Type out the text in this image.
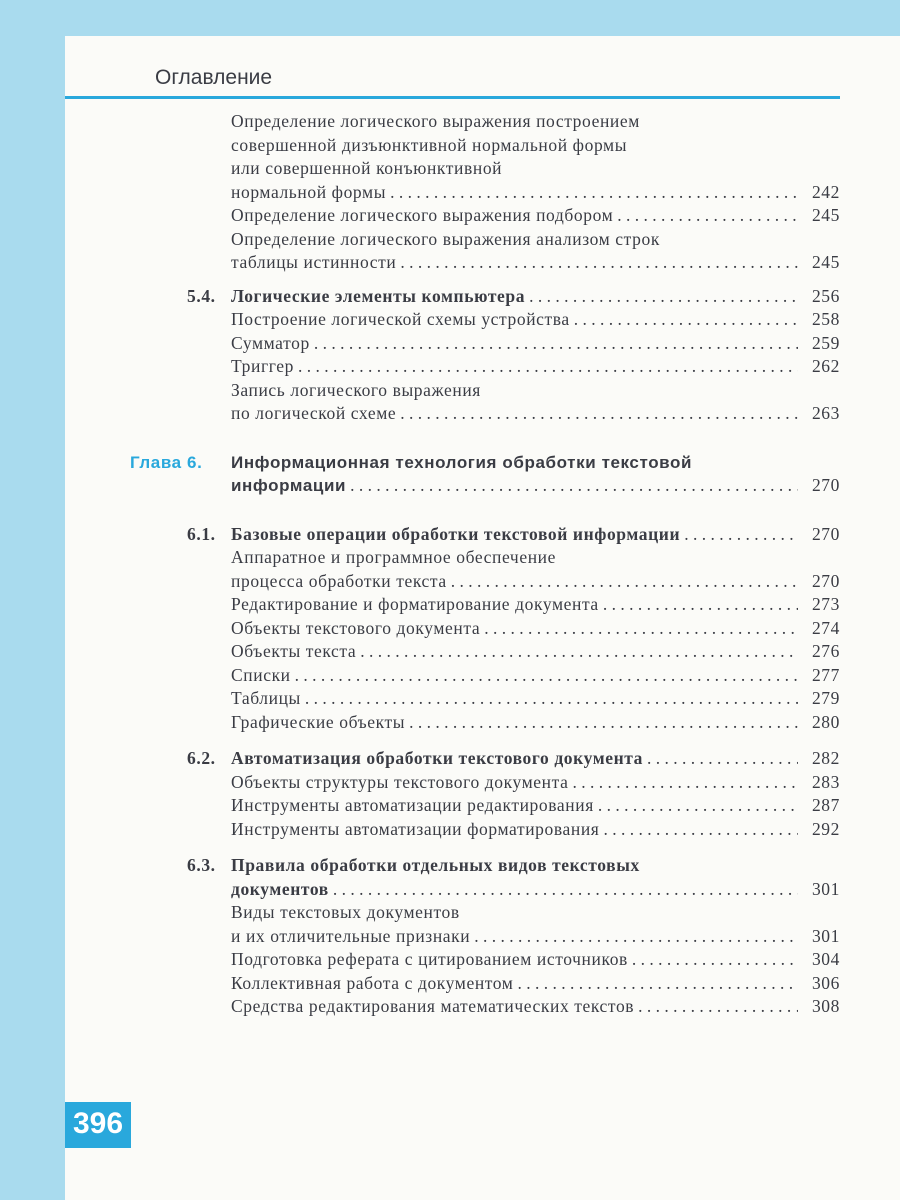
Оглавление
Определение логического выражения построением
совершенной дизъюнктивной нормальной формы
или совершенной конъюнктивной
нормальной формы . . .	242
Определение логического выражения подбором . . .	245
Определение логического выражения анализом строк
таблицы истинности . . .	245
5.4. Логические элементы компьютера . . .	256
Построение логической схемы устройства . . .	258
Сумматор . . .	259
Триггер . . .	262
Запись логического выражения
по логической схеме . . .	263
Глава 6. Информационная технология обработки текстовой
информации . . .	270
6.1. Базовые операции обработки текстовой информации . . .	270
Аппаратное и программное обеспечение
процесса обработки текста . . .	270
Редактирование и форматирование документа . . .	273
Объекты текстового документа . . .	274
Объекты текста . . .	276
Списки . . .	277
Таблицы . . .	279
Графические объекты . . .	280
6.2. Автоматизация обработки текстового документа . . .	282
Объекты структуры текстового документа . . .	283
Инструменты автоматизации редактирования . . .	287
Инструменты автоматизации форматирования . . .	292
6.3. Правила обработки отдельных видов текстовых
документов . . .	301
Виды текстовых документов
и их отличительные признаки . . .	301
Подготовка реферата с цитированием источников . . .	304
Коллективная работа с документом . . .	306
Средства редактирования математических текстов . . .	308
396
